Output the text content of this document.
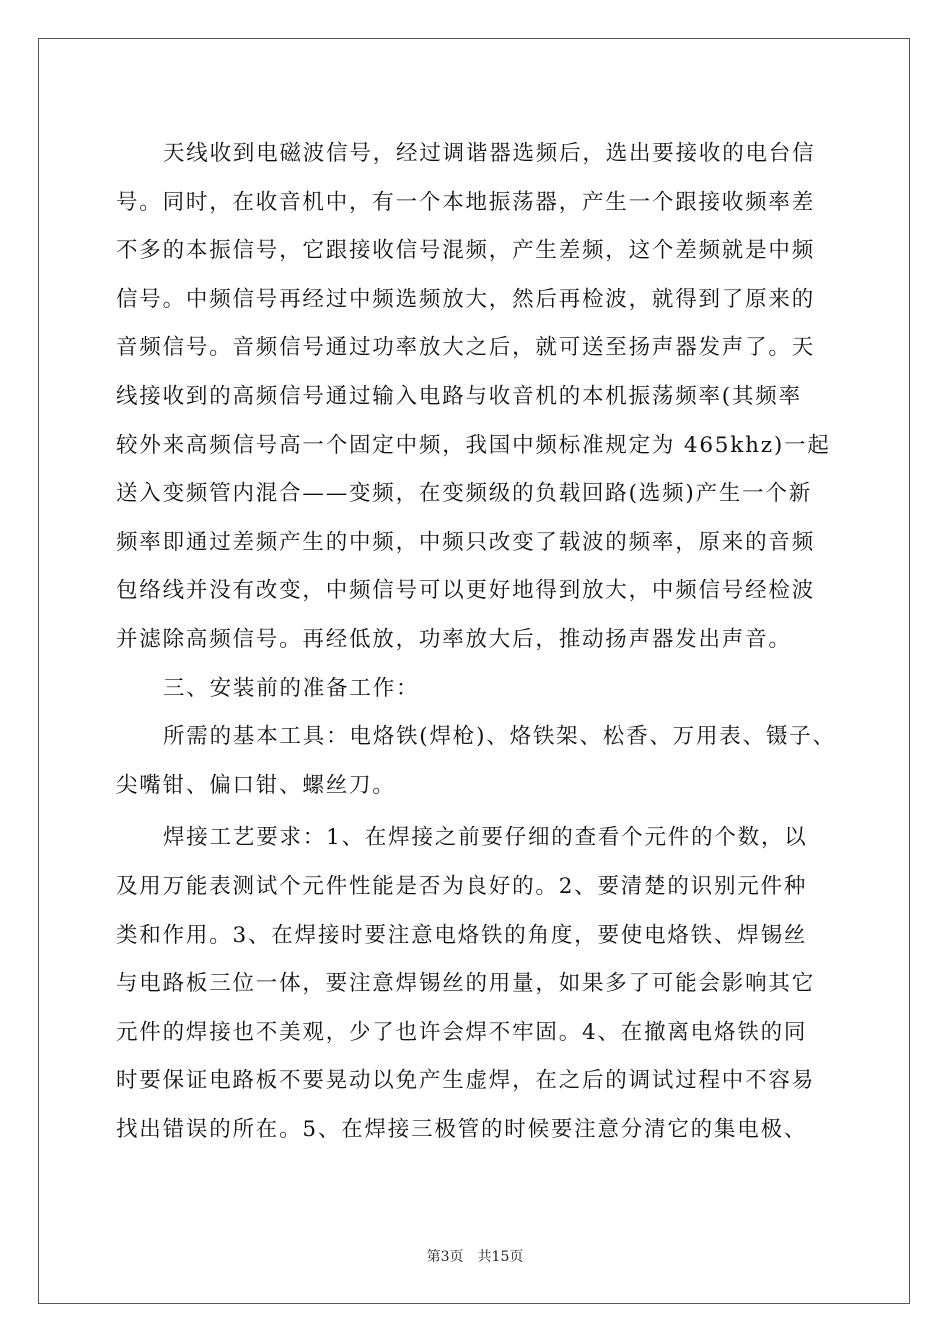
天线收到电磁波信号，经过调谐器选频后，选出要接收的电台信
号。同时，在收音机中，有一个本地振荡器，产生一个跟接收频率差
不多的本振信号，它跟接收信号混频，产生差频，这个差频就是中频
信号。中频信号再经过中频选频放大，然后再检波，就得到了原来的
音频信号。音频信号通过功率放大之后，就可送至扬声器发声了。天
线接收到的高频信号通过输入电路与收音机的本机振荡频率(其频率
较外来高频信号高一个固定中频，我国中频标准规定为 465khz)一起
送入变频管内混合——变频，在变频级的负载回路(选频)产生一个新
频率即通过差频产生的中频，中频只改变了载波的频率，原来的音频
包络线并没有改变，中频信号可以更好地得到放大，中频信号经检波
并滤除高频信号。再经低放，功率放大后，推动扬声器发出声音。
三、安装前的准备工作：
所需的基本工具：电烙铁(焊枪)、烙铁架、松香、万用表、镊子、
尖嘴钳、偏口钳、螺丝刀。
焊接工艺要求：1、在焊接之前要仔细的查看个元件的个数，以
及用万能表测试个元件性能是否为良好的。2、要清楚的识别元件种
类和作用。3、在焊接时要注意电烙铁的角度，要使电烙铁、焊锡丝
与电路板三位一体，要注意焊锡丝的用量，如果多了可能会影响其它
元件的焊接也不美观，少了也许会焊不牢固。4、在撤离电烙铁的同
时要保证电路板不要晃动以免产生虚焊，在之后的调试过程中不容易
找出错误的所在。5、在焊接三极管的时候要注意分清它的集电极、
第3页 共15页
